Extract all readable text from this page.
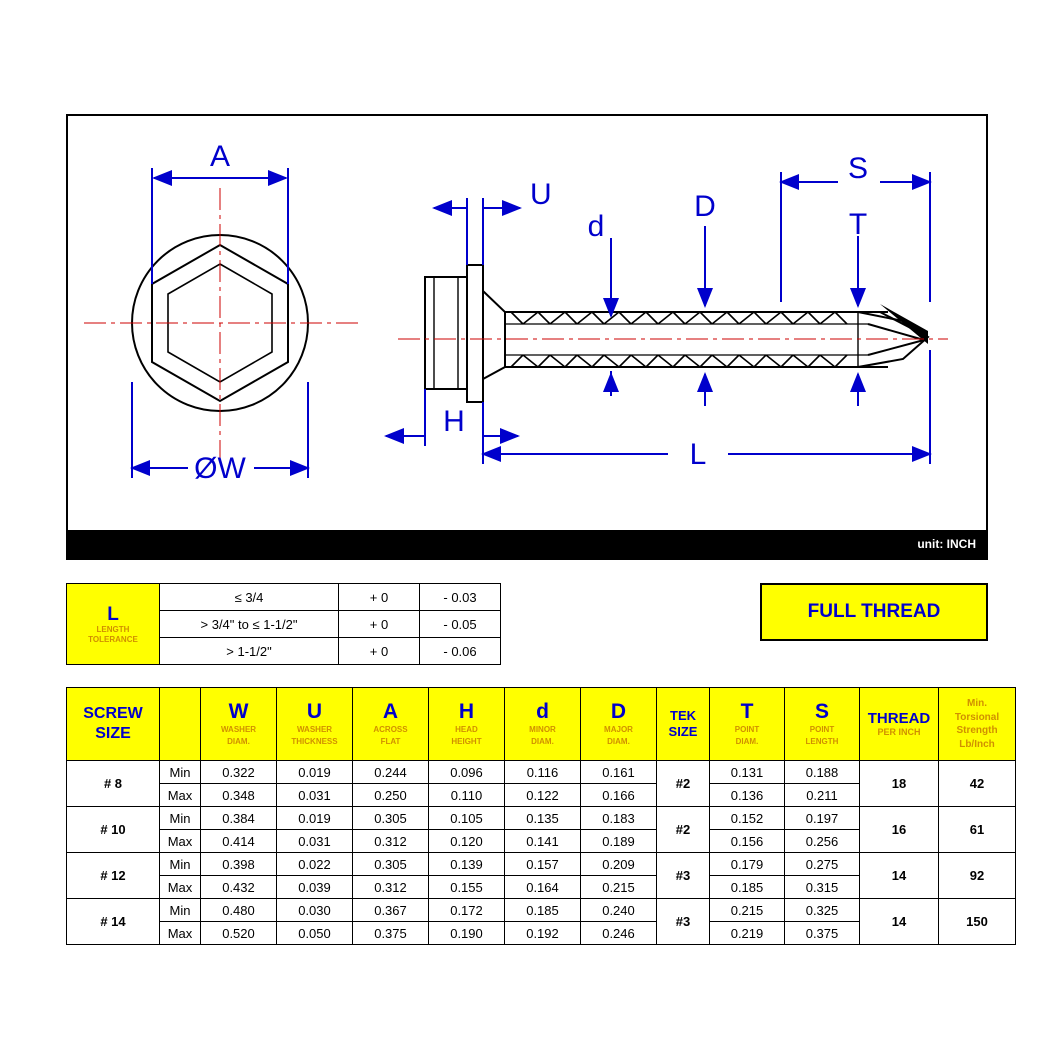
A
ØW
U
H
d
D
L
S
T
unit: INCH
L
LENGTH
TOLERANCE	≤ 3/4	+ 0	- 0.03
	> 3/4" to ≤ 1-1/2"	+ 0	- 0.05
	> 1-1/2"	+ 0	- 0.06
FULL THREAD
SCREW
SIZE		W
WASHER
DIAM.	U
WASHER
THICKNESS	A
ACROSS
FLAT	H
HEAD
HEIGHT	d
MINOR
DIAM.	D
MAJOR
DIAM.	TEK
SIZE	T
POINT
DIAM.	S
POINT
LENGTH	THREAD
PER INCH	Min.
Torsional
Strength
Lb/Inch

# 8	Min	0.322	0.019	0.244	0.096	0.116	0.161	#2	0.131	0.188	18	42
	Max	0.348	0.031	0.250	0.110	0.122	0.166		0.136	0.211		
# 10	Min	0.384	0.019	0.305	0.105	0.135	0.183	#2	0.152	0.197	16	61
	Max	0.414	0.031	0.312	0.120	0.141	0.189		0.156	0.256		
# 12	Min	0.398	0.022	0.305	0.139	0.157	0.209	#3	0.179	0.275	14	92
	Max	0.432	0.039	0.312	0.155	0.164	0.215		0.185	0.315		
# 14	Min	0.480	0.030	0.367	0.172	0.185	0.240	#3	0.215	0.325	14	150
	Max	0.520	0.050	0.375	0.190	0.192	0.246		0.219	0.375		
